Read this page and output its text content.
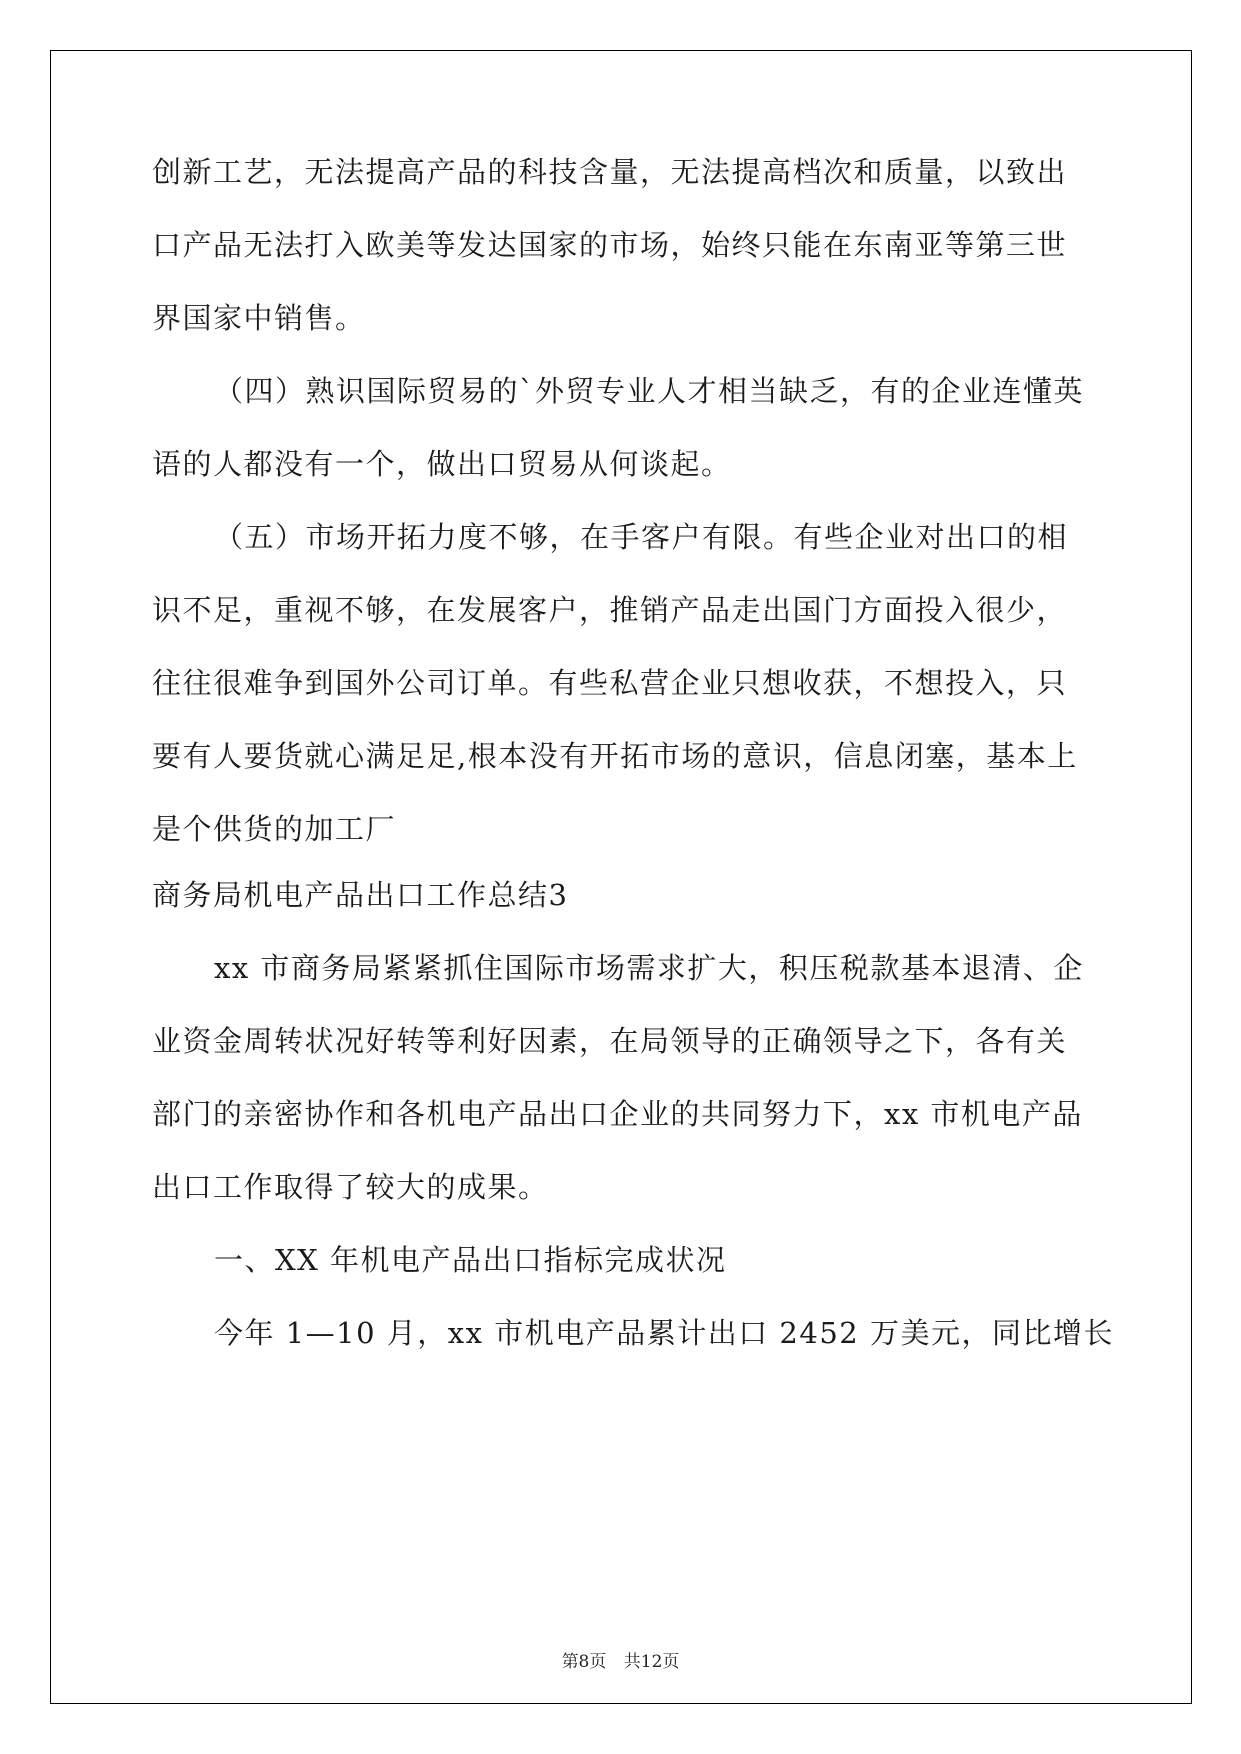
创新工艺，无法提高产品的科技含量，无法提高档次和质量，以致出
口产品无法打入欧美等发达国家的市场，始终只能在东南亚等第三世
界国家中销售。
（四）熟识国际贸易的`外贸专业人才相当缺乏，有的企业连懂英
语的人都没有一个，做出口贸易从何谈起。
（五）市场开拓力度不够，在手客户有限。有些企业对出口的相
识不足，重视不够，在发展客户，推销产品走出国门方面投入很少，
往往很难争到国外公司订单。有些私营企业只想收获，不想投入，只
要有人要货就心满足足,根本没有开拓市场的意识，信息闭塞，基本上
是个供货的加工厂
商务局机电产品出口工作总结3
xx 市商务局紧紧抓住国际市场需求扩大，积压税款基本退清、企
业资金周转状况好转等利好因素，在局领导的正确领导之下，各有关
部门的亲密协作和各机电产品出口企业的共同努力下，xx 市机电产品
出口工作取得了较大的成果。
一、XX 年机电产品出口指标完成状况
今年 1—10 月，xx 市机电产品累计出口 2452 万美元，同比增长
第8页 共12页
